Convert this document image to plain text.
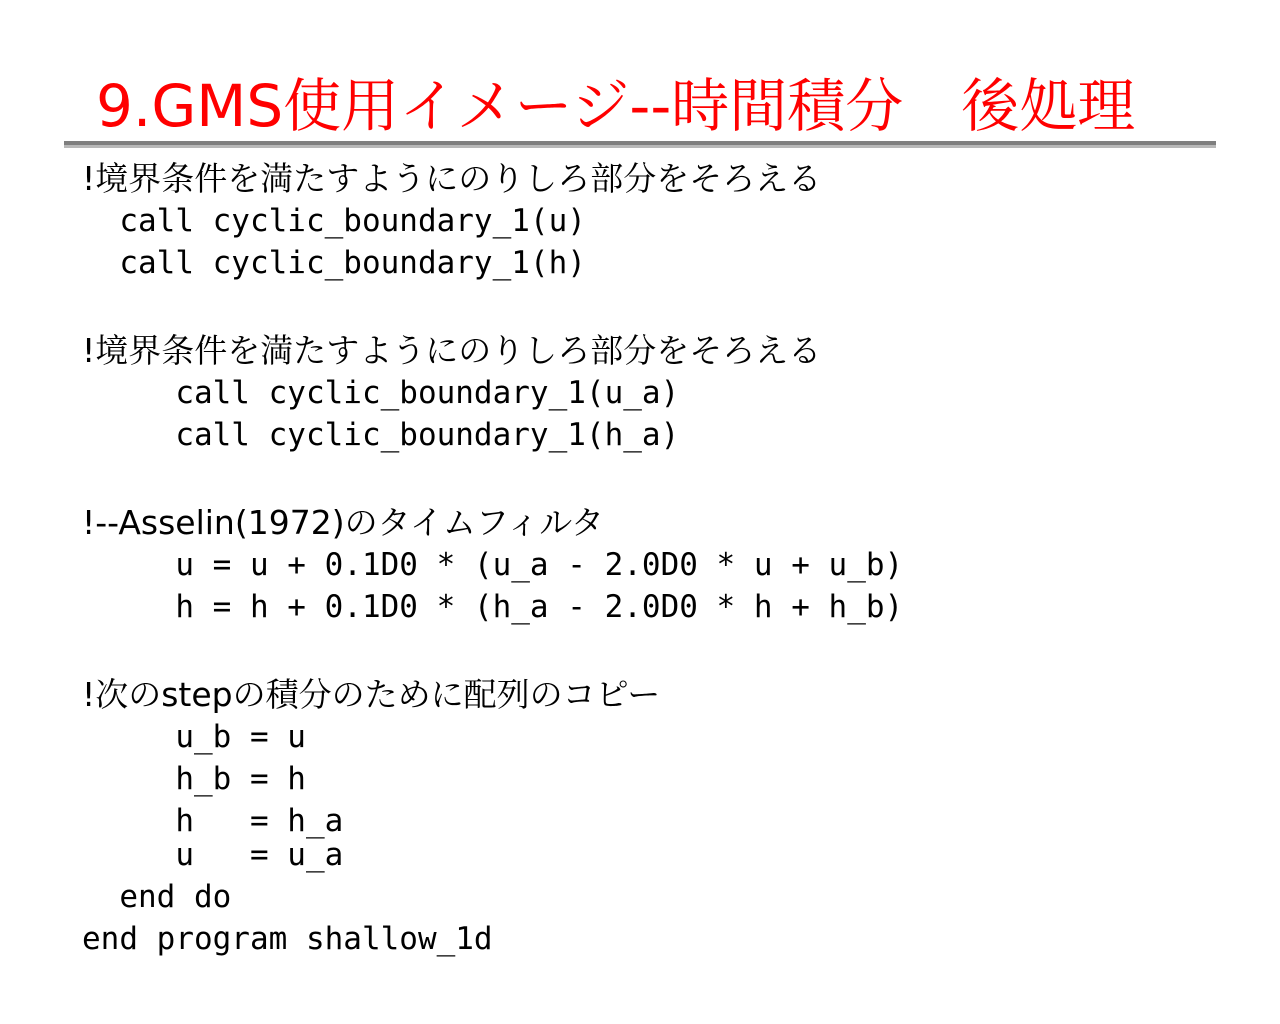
9.GMS使用イメージ--時間積分　後処理
!境界条件を満たすようにのりしろ部分をそろえる
call cyclic_boundary_1(u)
call cyclic_boundary_1(h)
!境界条件を満たすようにのりしろ部分をそろえる
call cyclic_boundary_1(u_a)
call cyclic_boundary_1(h_a)
!--Asselin(1972)のタイムフィルタ
u = u + 0.1D0 * (u_a - 2.0D0 * u + u_b)
h = h + 0.1D0 * (h_a - 2.0D0 * h + h_b)
!次のstepの積分のために配列のコピー
u_b = u
h_b = h
h   = h_a
u   = u_a
end do
end program shallow_1d
